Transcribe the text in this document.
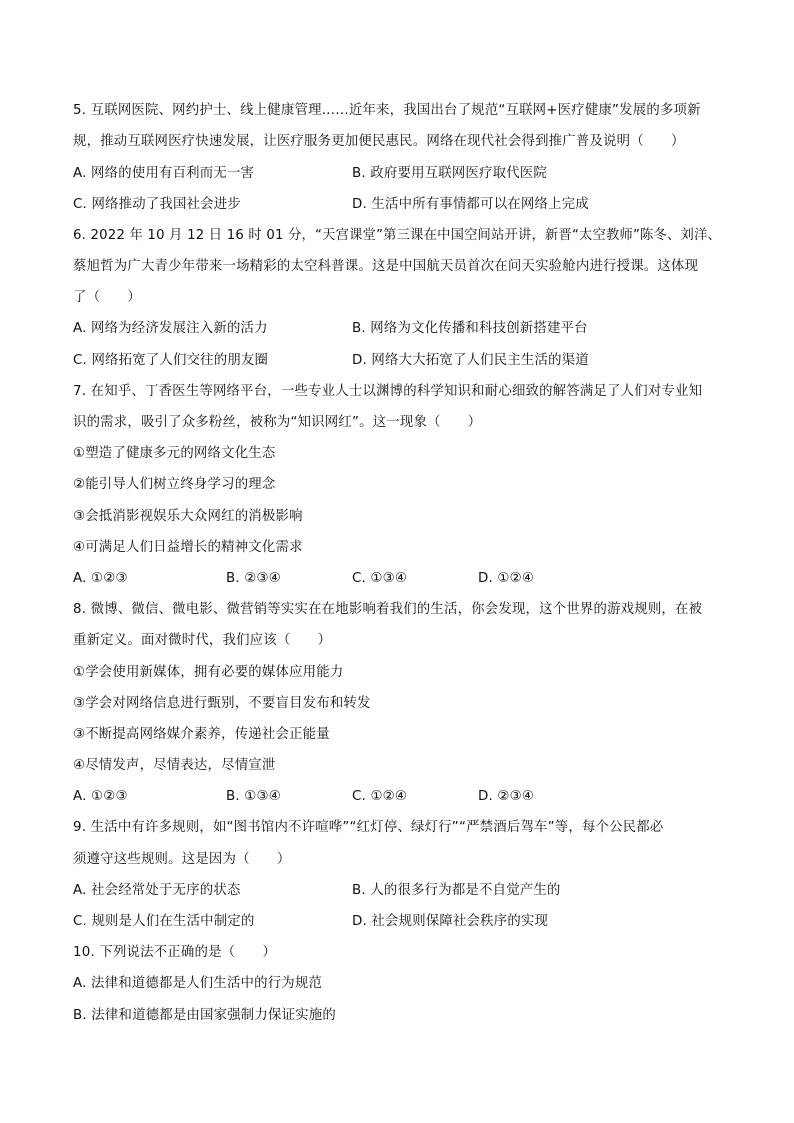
5. 互联网医院、网约护士、线上健康管理……近年来，我国出台了规范“互联网+医疗健康”发展的多项新
规，推动互联网医疗快速发展，让医疗服务更加便民惠民。网络在现代社会得到推广普及说明（　　）
A. 网络的使用有百利而无一害	B. 政府要用互联网医疗取代医院
C. 网络推动了我国社会进步	D. 生活中所有事情都可以在网络上完成
6. 2022 年 10 月 12 日 16 时 01 分，“天宫课堂”第三课在中国空间站开讲，新晋“太空教师”陈冬、刘洋、
蔡旭哲为广大青少年带来一场精彩的太空科普课。这是中国航天员首次在问天实验舱内进行授课。这体现
了（　　）
A. 网络为经济发展注入新的活力	B. 网络为文化传播和科技创新搭建平台
C. 网络拓宽了人们交往的朋友圈	D. 网络大大拓宽了人们民主生活的渠道
7. 在知乎、丁香医生等网络平台，一些专业人士以渊博的科学知识和耐心细致的解答满足了人们对专业知
识的需求，吸引了众多粉丝，被称为“知识网红”。这一现象（　　）
①塑造了健康多元的网络文化生态
②能引导人们树立终身学习的理念
③会抵消影视娱乐大众网红的消极影响
④可满足人们日益增长的精神文化需求
A. ①②③	B. ②③④	C. ①③④	D. ①②④
8. 微博、微信、微电影、微营销等实实在在地影响着我们的生活，你会发现，这个世界的游戏规则，在被
重新定义。面对微时代，我们应该（　　）
①学会使用新媒体，拥有必要的媒体应用能力
③学会对网络信息进行甄别，不要盲目发布和转发
③不断提高网络媒介素养，传递社会正能量
④尽情发声，尽情表达，尽情宣泄
A. ①②③	B. ①③④	C. ①②④	D. ②③④
9. 生活中有许多规则，如“图书馆内不许喧哗”“红灯停、绿灯行”“严禁酒后驾车”等，每个公民都必
须遵守这些规则。这是因为（　　）
A. 社会经常处于无序的状态	B. 人的很多行为都是不自觉产生的
C. 规则是人们在生活中制定的	D. 社会规则保障社会秩序的实现
10. 下列说法不正确的是（　　）
A. 法律和道德都是人们生活中的行为规范
B. 法律和道德都是由国家强制力保证实施的
